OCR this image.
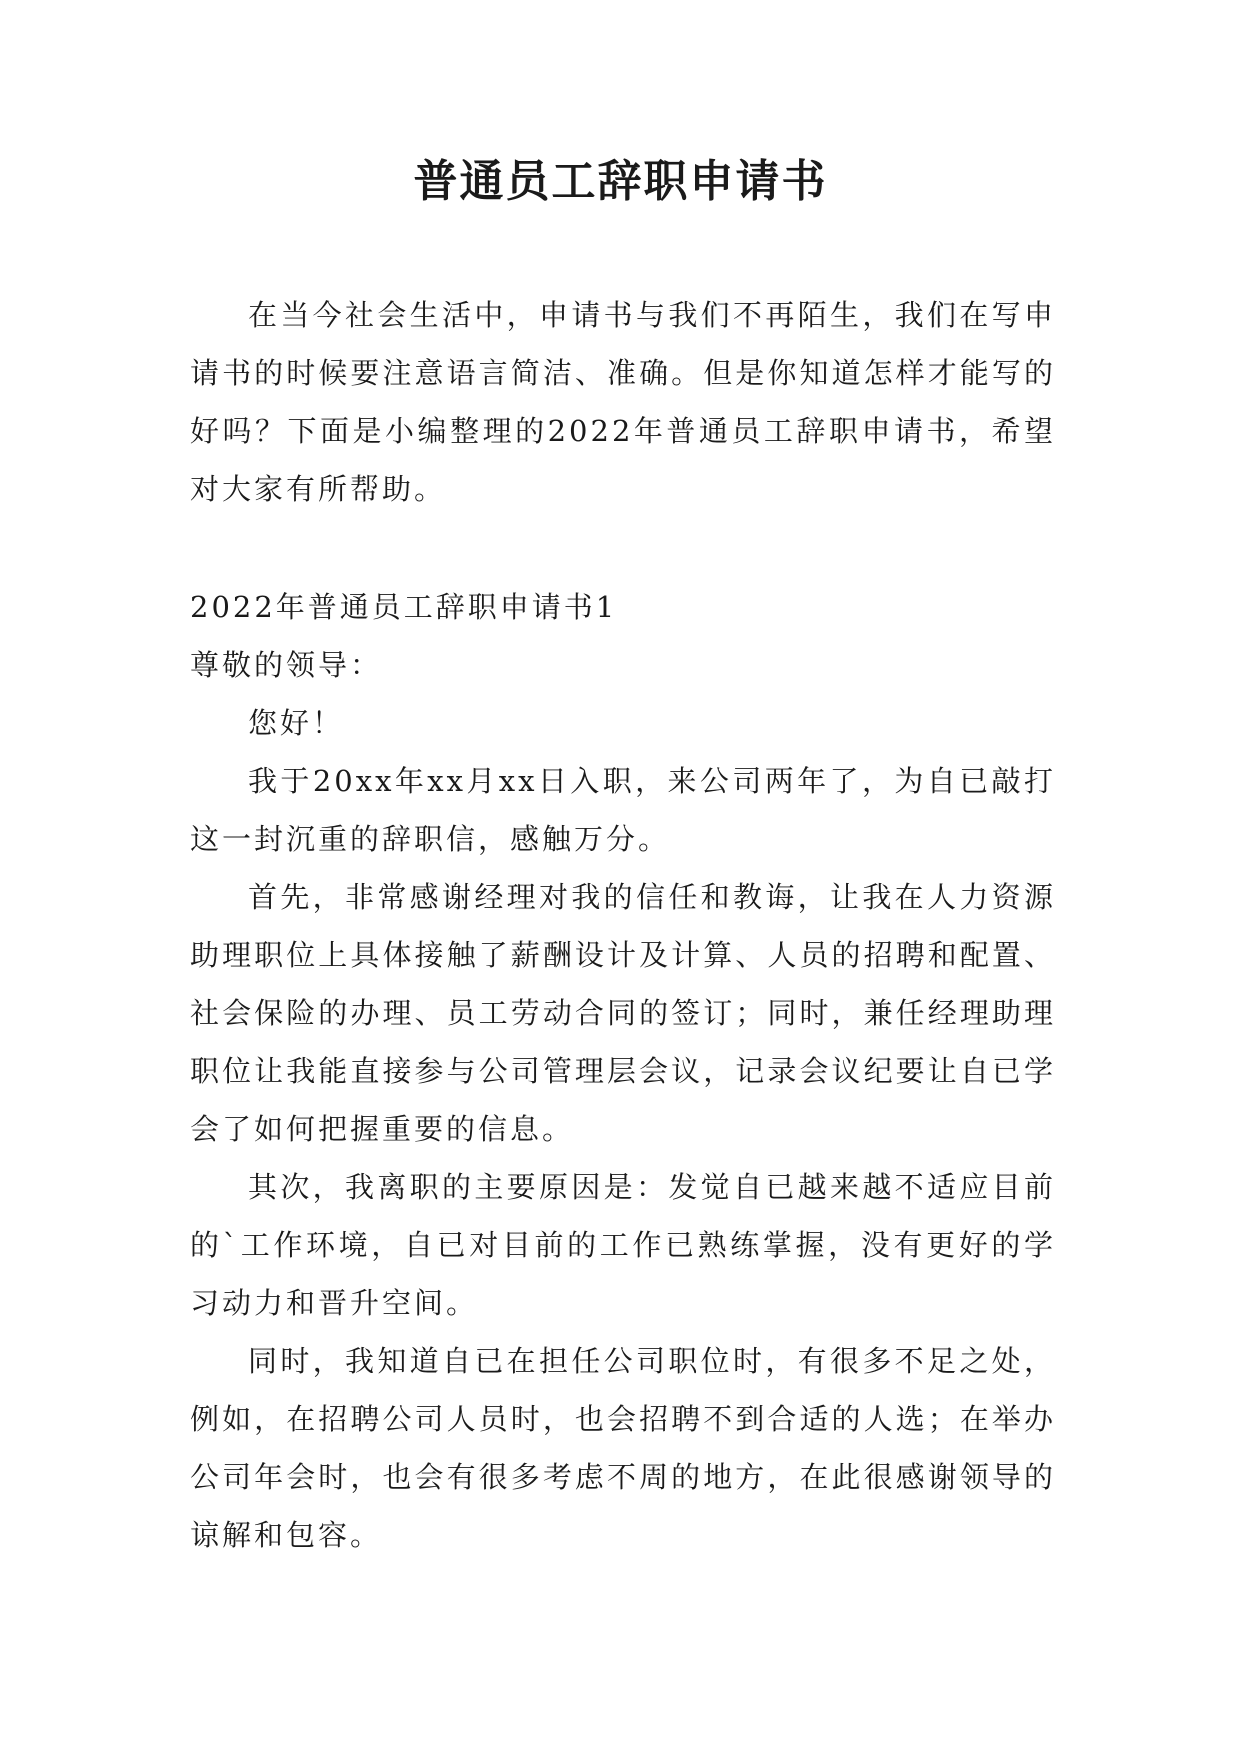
普通员工辞职申请书

在当今社会生活中，申请书与我们不再陌生，我们在写申请书的时候要注意语言简洁、准确。但是你知道怎样才能写的好吗？下面是小编整理的2022年普通员工辞职申请书，希望对大家有所帮助。

2022年普通员工辞职申请书1

尊敬的领导：

您好！

我于20xx年xx月xx日入职，来公司两年了，为自已敲打这一封沉重的辞职信，感触万分。

首先，非常感谢经理对我的信任和教诲，让我在人力资源助理职位上具体接触了薪酬设计及计算、人员的招聘和配置、社会保险的办理、员工劳动合同的签订；同时，兼任经理助理职位让我能直接参与公司管理层会议，记录会议纪要让自已学会了如何把握重要的信息。

其次，我离职的主要原因是：发觉自已越来越不适应目前的`工作环境，自已对目前的工作已熟练掌握，没有更好的学习动力和晋升空间。

同时，我知道自已在担任公司职位时，有很多不足之处，例如，在招聘公司人员时，也会招聘不到合适的人选；在举办公司年会时，也会有很多考虑不周的地方，在此很感谢领导的谅解和包容。
